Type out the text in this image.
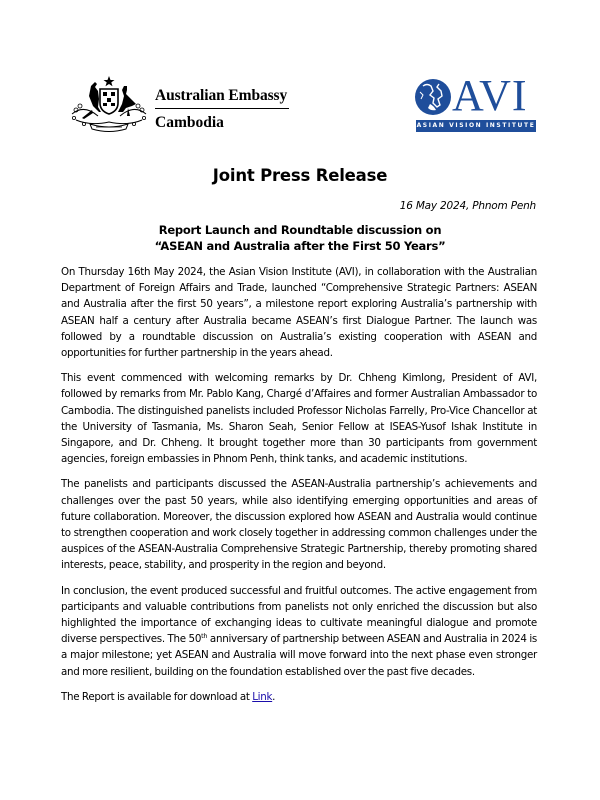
Australian Embassy
Cambodia
AVI
ASIAN VISION INSTITUTE
Joint Press Release
16 May 2024, Phnom Penh
Report Launch and Roundtable discussion on
“ASEAN and Australia after the First 50 Years”

On Thursday 16th May 2024, the Asian Vision Institute (AVI), in collaboration with the Australian Department of Foreign Affairs and Trade, launched “Comprehensive Strategic Partners: ASEAN and Australia after the first 50 years”, a milestone report exploring Australia’s partnership with ASEAN half a century after Australia became ASEAN’s first Dialogue Partner. The launch was followed by a roundtable discussion on Australia’s existing cooperation with ASEAN and opportunities for further partnership in the years ahead.

This event commenced with welcoming remarks by Dr. Chheng Kimlong, President of AVI, followed by remarks from Mr. Pablo Kang, Chargé d’Affaires and former Australian Ambassador to Cambodia. The distinguished panelists included Professor Nicholas Farrelly, Pro-Vice Chancellor at the University of Tasmania, Ms. Sharon Seah, Senior Fellow at ISEAS-Yusof Ishak Institute in Singapore, and Dr. Chheng. It brought together more than 30 participants from government agencies, foreign embassies in Phnom Penh, think tanks, and academic institutions.

The panelists and participants discussed the ASEAN-Australia partnership’s achievements and challenges over the past 50 years, while also identifying emerging opportunities and areas of future collaboration. Moreover, the discussion explored how ASEAN and Australia would continue to strengthen cooperation and work closely together in addressing common challenges under the auspices of the ASEAN-Australia Comprehensive Strategic Partnership, thereby promoting shared interests, peace, stability, and prosperity in the region and beyond.

In conclusion, the event produced successful and fruitful outcomes. The active engagement from participants and valuable contributions from panelists not only enriched the discussion but also highlighted the importance of exchanging ideas to cultivate meaningful dialogue and promote diverse perspectives. The 50th anniversary of partnership between ASEAN and Australia in 2024 is a major milestone; yet ASEAN and Australia will move forward into the next phase even stronger and more resilient, building on the foundation established over the past five decades.

The Report is available for download at Link.
